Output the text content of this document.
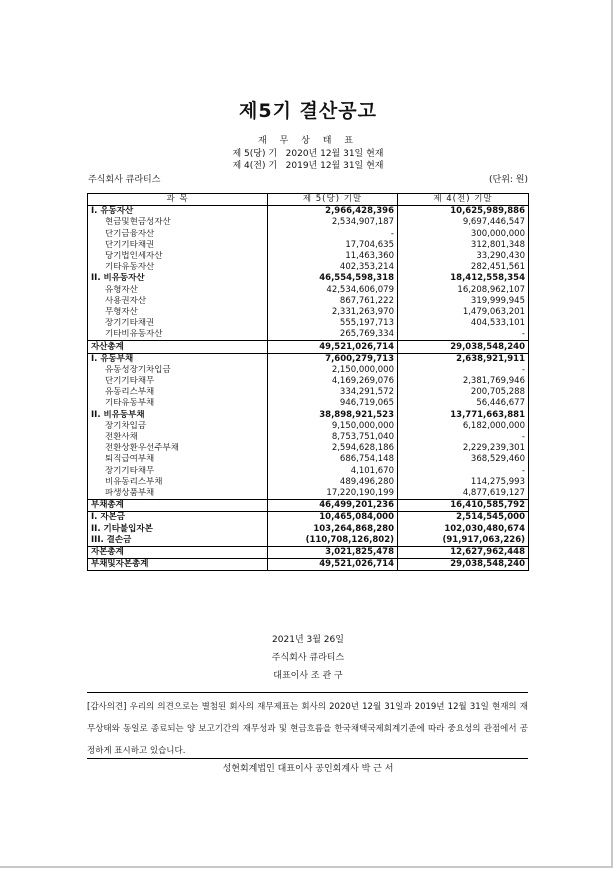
제5기 결산공고
재 무 상 태 표
제 5(당) 기   2020년 12월 31일 현재
제 4(전) 기   2019년 12월 31일 현재
주식회사 큐라티스	(단위: 원)
과 목	제 5(당) 기말	제 4(전) 기말
I. 유동자산	2,966,428,396	10,625,989,886
현금및현금성자산	2,534,907,187	9,697,446,547
단기금융자산	-	300,000,000
단기기타채권	17,704,635	312,801,348
당기법인세자산	11,463,360	33,290,430
기타유동자산	402,353,214	282,451,561
II. 비유동자산	46,554,598,318	18,412,558,354
유형자산	42,534,606,079	16,208,962,107
사용권자산	867,761,222	319,999,945
무형자산	2,331,263,970	1,479,063,201
장기기타채권	555,197,713	404,533,101
기타비유동자산	265,769,334	-
자산총계	49,521,026,714	29,038,548,240
I. 유동부채	7,600,279,713	2,638,921,911
유동성장기차입금	2,150,000,000	-
단기기타채무	4,169,269,076	2,381,769,946
유동리스부채	334,291,572	200,705,288
기타유동부채	946,719,065	56,446,677
II. 비유동부채	38,898,921,523	13,771,663,881
장기차입금	9,150,000,000	6,182,000,000
전환사채	8,753,751,040	-
전환상환우선주부채	2,594,628,186	2,229,239,301
퇴직급여부채	686,754,148	368,529,460
장기기타채무	4,101,670	-
비유동리스부채	489,496,280	114,275,993
파생상품부채	17,220,190,199	4,877,619,127
부채총계	46,499,201,236	16,410,585,792
I. 자본금	10,465,084,000	2,514,545,000
II. 기타불입자본	103,264,868,280	102,030,480,674
III. 결손금	(110,708,126,802)	(91,917,063,226)
자본총계	3,021,825,478	12,627,962,448
부채및자본총계	49,521,026,714	29,038,548,240
2021년 3월 26일
주식회사 큐라티스
대표이사 조 관 구
[감사의견] 우리의 의견으로는 별첨된 회사의 재무제표는 회사의 2020년 12월 31일과 2019년 12월 31일 현재의 재무상태와 동일로 종료되는 양 보고기간의 재무성과 및 현금흐름을 한국채택국제회계기준에 따라 중요성의 관점에서 공정하게 표시하고 있습니다.
성현회계법인 대표이사 공인회계사 박 근 서
